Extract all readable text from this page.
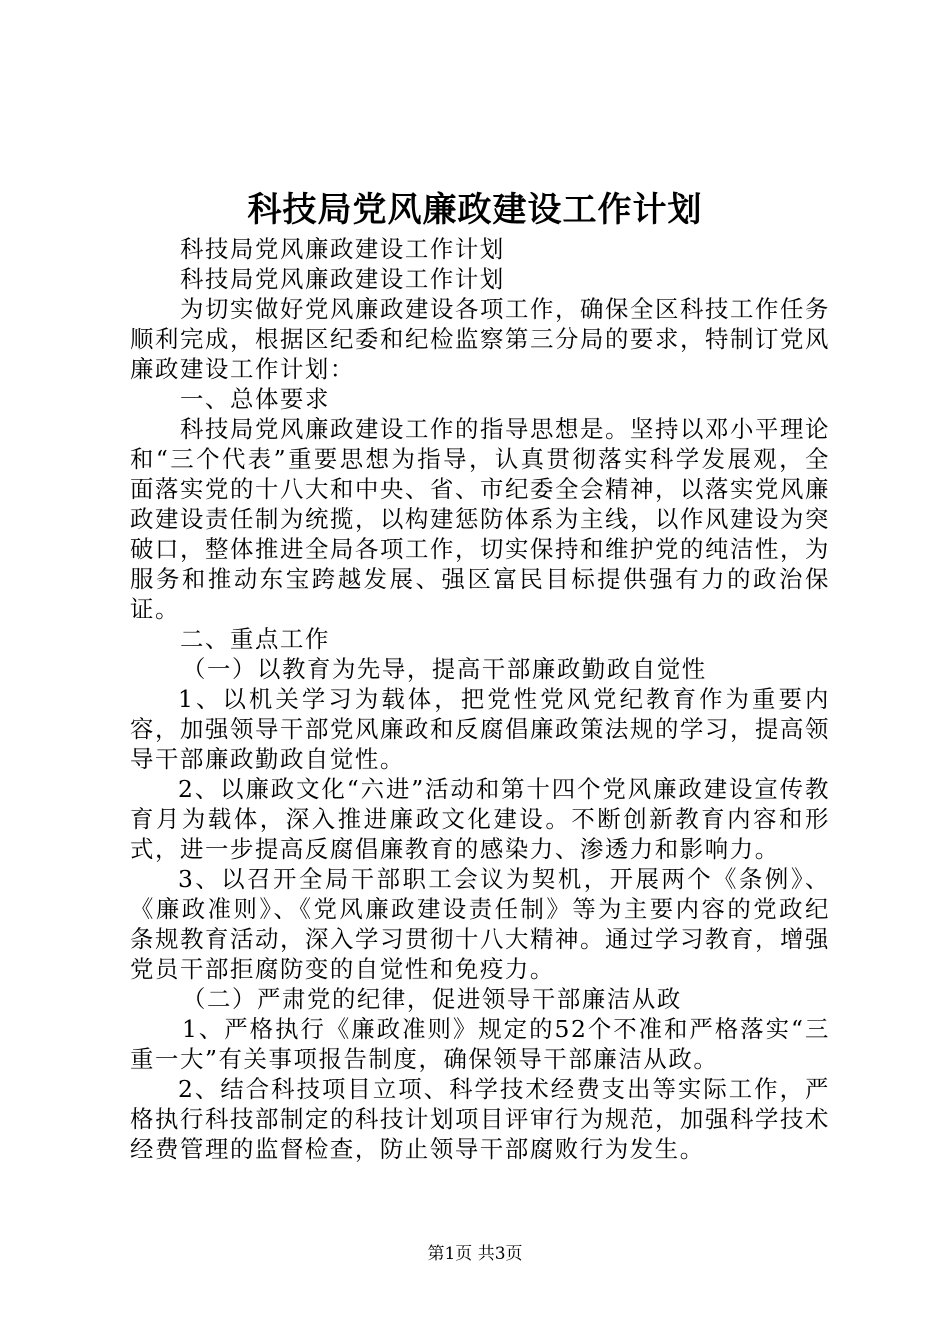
科技局党风廉政建设工作计划

科技局党风廉政建设工作计划

科技局党风廉政建设工作计划

为切实做好党风廉政建设各项工作，确保全区科技工作任务顺利完成，根据区纪委和纪检监察第三分局的要求，特制订党风廉政建设工作计划：

一、总体要求

科技局党风廉政建设工作的指导思想是。坚持以邓小平理论和“三个代表”重要思想为指导，认真贯彻落实科学发展观，全面落实党的十八大和中央、省、市纪委全会精神，以落实党风廉政建设责任制为统揽，以构建惩防体系为主线，以作风建设为突破口，整体推进全局各项工作，切实保持和维护党的纯洁性，为服务和推动东宝跨越发展、强区富民目标提供强有力的政治保证。

二、重点工作

（一）以教育为先导，提高干部廉政勤政自觉性

1、以机关学习为载体，把党性党风党纪教育作为重要内容，加强领导干部党风廉政和反腐倡廉政策法规的学习，提高领导干部廉政勤政自觉性。

2、以廉政文化“六进”活动和第十四个党风廉政建设宣传教育月为载体，深入推进廉政文化建设。不断创新教育内容和形式，进一步提高反腐倡廉教育的感染力、渗透力和影响力。

3、以召开全局干部职工会议为契机，开展两个《条例》、《廉政准则》、《党风廉政建设责任制》等为主要内容的党政纪条规教育活动，深入学习贯彻十八大精神。通过学习教育，增强党员干部拒腐防变的自觉性和免疫力。

（二）严肃党的纪律，促进领导干部廉洁从政

1、严格执行《廉政准则》规定的52个不准和严格落实“三重一大”有关事项报告制度，确保领导干部廉洁从政。

2、结合科技项目立项、科学技术经费支出等实际工作，严格执行科技部制定的科技计划项目评审行为规范，加强科学技术经费管理的监督检查，防止领导干部腐败行为发生。

第1页 共3页
